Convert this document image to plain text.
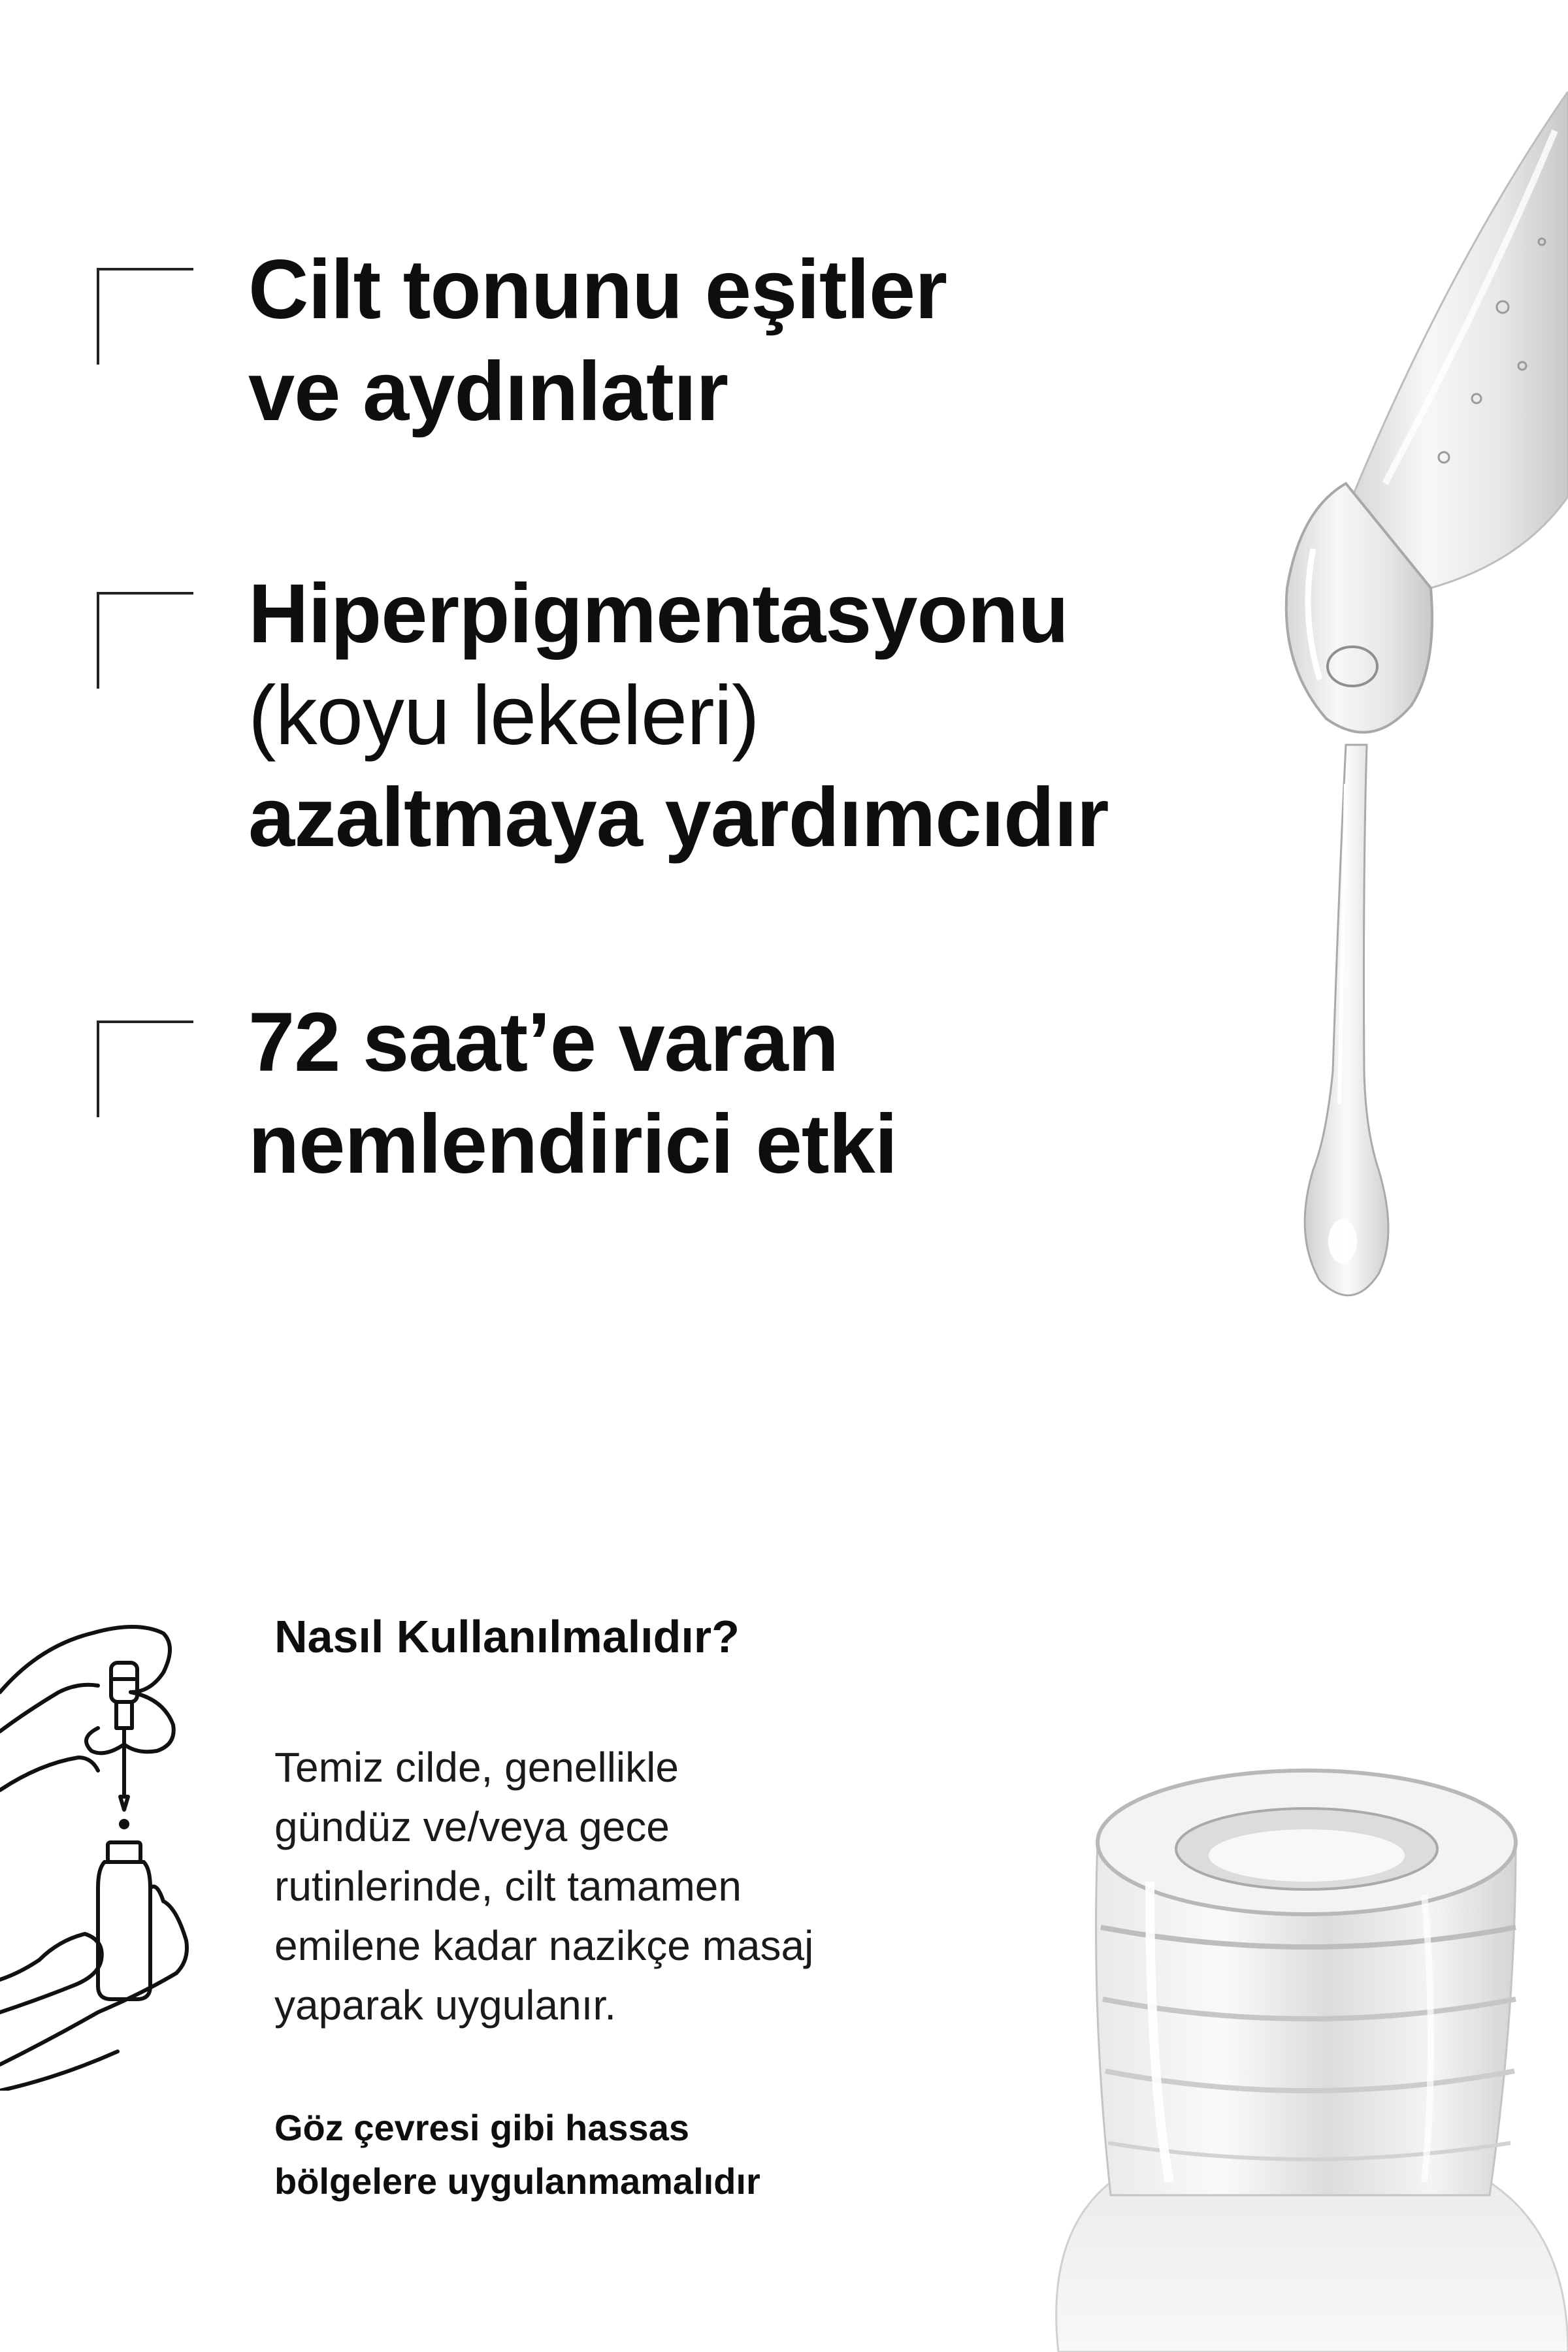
Cilt tonunu eşitler
ve aydınlatır
Hiperpigmentasyonu
(koyu lekeleri)
azaltmaya yardımcıdır
72 saat’e varan
nemlendirici etki
Nasıl Kullanılmalıdır?
Temiz cilde, genellikle
gündüz ve/veya gece
rutinlerinde, cilt tamamen
emilene kadar nazikçe masaj
yaparak uygulanır.
Göz çevresi gibi hassas
bölgelere uygulanmamalıdır
